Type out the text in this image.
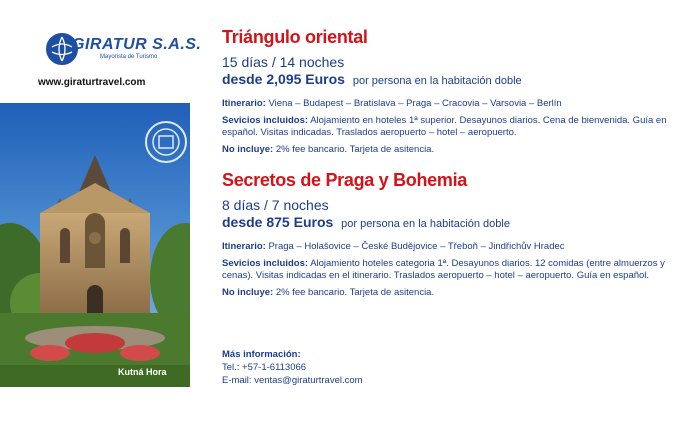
GIRATUR S.A.S.
Mayorista de Turismo
www.giraturtravel.com
Kutná Hora
Triángulo oriental
15 días / 14 noches
desde 2,095 Euros por persona en la habitación doble
Itinerario: Viena – Budapest – Bratislava – Praga – Cracovia – Varsovia – Berlín
Sevicios incluidos: Alojamiento en hoteles 1ª superior. Desayunos diarios. Cena de bienvenida. Guía en español. Visitas indicadas. Traslados aeropuerto – hotel – aeropuerto.
No incluye: 2% fee bancario. Tarjeta de asitencia.
Secretos de Praga y Bohemia
8 días / 7 noches
desde 875 Euros por persona en la habitación doble
Itinerario: Praga – Holašovice – České Budějovice – Třeboň – Jindřichův Hradec
Sevicios incluidos: Alojamiento hoteles categoria 1ª. Desayunos diarios. 12 comidas (entre almuerzos y cenas). Visitas indicadas en el itinerario. Traslados aeropuerto – hotel – aeropuerto. Guía en español.
No incluye: 2% fee bancario. Tarjeta de asitencia.
Más información:
Tel.: +57-1-6113066
E-mail: ventas@giraturtravel.com
